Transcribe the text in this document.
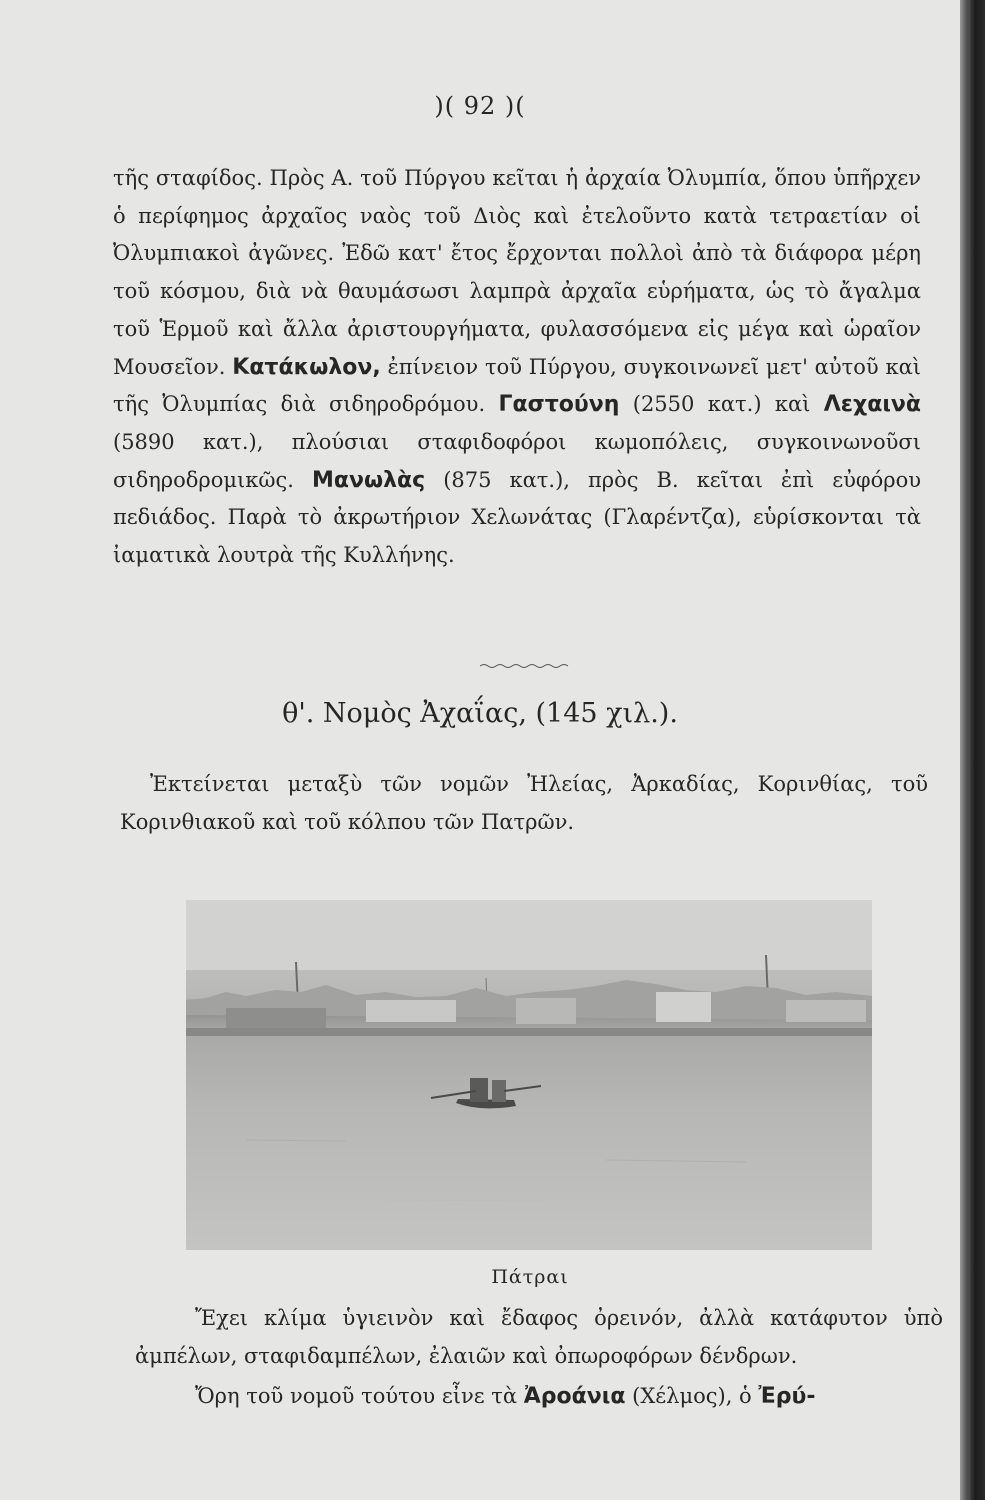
)( 92 )(

τῆς σταφίδος. Πρὸς Α. τοῦ Πύργου κεῖται ἡ ἀρχαία Ὀλυμπία, ὅπου ὑπῆρχεν ὁ περίφημος ἀρχαῖος ναὸς τοῦ Διὸς καὶ ἐτελοῦντο κατὰ τετραετίαν οἱ Ὀλυμπιακοὶ ἀγῶνες. Ἐδῶ κατ' ἔτος ἔρχονται πολλοὶ ἀπὸ τὰ διάφορα μέρη τοῦ κόσμου, διὰ νὰ θαυμάσωσι λαμπρὰ ἀρχαῖα εὑρήματα, ὡς τὸ ἄγαλμα τοῦ Ἑρμοῦ καὶ ἄλλα ἀριστουργήματα, φυλασσόμενα εἰς μέγα καὶ ὡραῖον Μουσεῖον. Κατάκωλον, ἐπίνειον τοῦ Πύργου, συγκοινωνεῖ μετ' αὐτοῦ καὶ τῆς Ὀλυμπίας διὰ σιδηροδρόμου. Γαστούνη (2550 κατ.) καὶ Λεχαινὰ (5890 κατ.), πλούσιαι σταφιδοφόροι κωμοπόλεις, συγκοινωνοῦσι σιδηροδρομικῶς. Μανωλὰς (875 κατ.), πρὸς Β. κεῖται ἐπὶ εὐφόρου πεδιάδος. Παρὰ τὸ ἀκρωτήριον Χελωνάτας (Γλαρέντζα), εὑρίσκονται τὰ ἰαματικὰ λουτρὰ τῆς Κυλλήνης.

θ'. Νομὸς Ἀχαΐας, (145 χιλ.).

Ἐκτείνεται μεταξὺ τῶν νομῶν Ἠλείας, Ἀρκαδίας, Κορινθίας, τοῦ Κορινθιακοῦ καὶ τοῦ κόλπου τῶν Πατρῶν.

Πάτραι

Ἔχει κλίμα ὑγιεινὸν καὶ ἔδαφος ὀρεινόν, ἀλλὰ κατάφυτον ὑπὸ ἀμπέλων, σταφιδαμπέλων, ἐλαιῶν καὶ ὀπωροφόρων δένδρων.

Ὄρη τοῦ νομοῦ τούτου εἶνε τὰ Ἀροάνια (Χέλμος), ὁ Ἐρύ-
